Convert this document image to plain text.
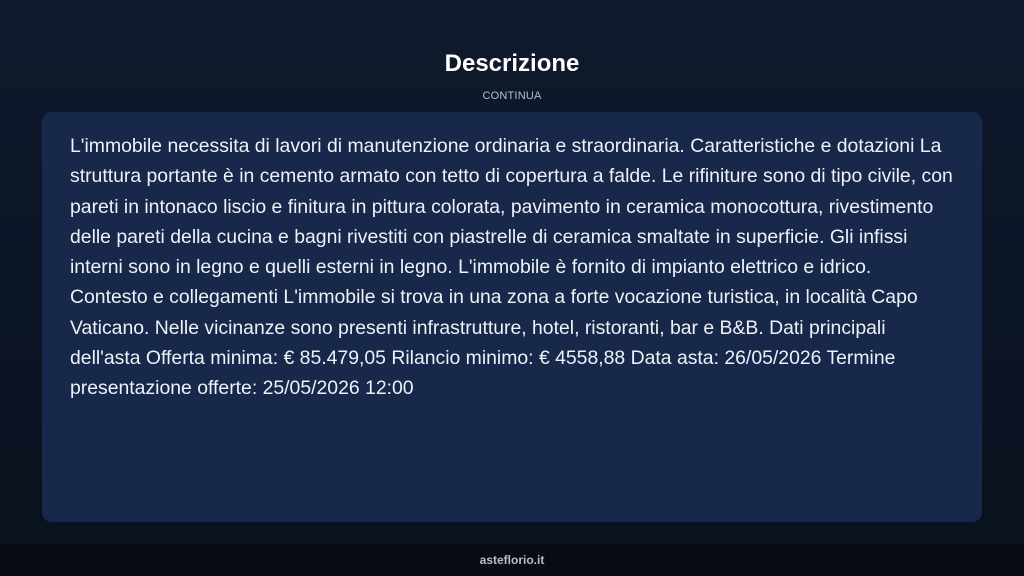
Descrizione
CONTINUA

L'immobile necessita di lavori di manutenzione ordinaria e straordinaria. Caratteristiche e dotazioni La struttura portante è in cemento armato con tetto di copertura a falde. Le rifiniture sono di tipo civile, con pareti in intonaco liscio e finitura in pittura colorata, pavimento in ceramica monocottura, rivestimento delle pareti della cucina e bagni rivestiti con piastrelle di ceramica smaltate in superficie. Gli infissi interni sono in legno e quelli esterni in legno. L'immobile è fornito di impianto elettrico e idrico. Contesto e collegamenti L'immobile si trova in una zona a forte vocazione turistica, in località Capo Vaticano. Nelle vicinanze sono presenti infrastrutture, hotel, ristoranti, bar e B&B. Dati principali dell'asta Offerta minima: € 85.479,05 Rilancio minimo: € 4558,88 Data asta: 26/05/2026 Termine presentazione offerte: 25/05/2026 12:00

asteflorio.it
